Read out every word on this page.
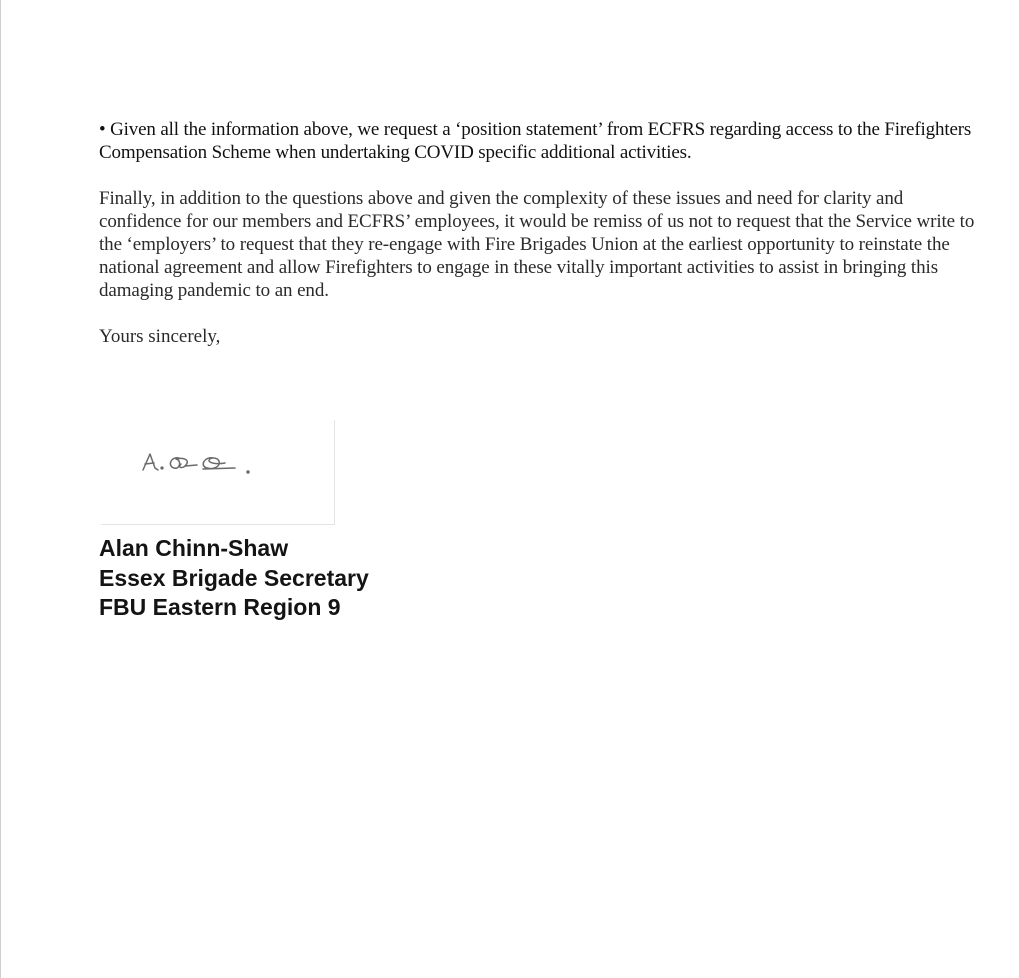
• Given all the information above, we request a ‘position statement’ from ECFRS regarding access to the Firefighters Compensation Scheme when undertaking COVID specific additional activities.

Finally, in addition to the questions above and given the complexity of these issues and need for clarity and confidence for our members and ECFRS’ employees, it would be remiss of us not to request that the Service write to the ‘employers’ to request that they re-engage with Fire Brigades Union at the earliest opportunity to reinstate the national agreement and allow Firefighters to engage in these vitally important activities to assist in bringing this damaging pandemic to an end.

Yours sincerely,

Alan Chinn-Shaw
Essex Brigade Secretary
FBU Eastern Region 9
